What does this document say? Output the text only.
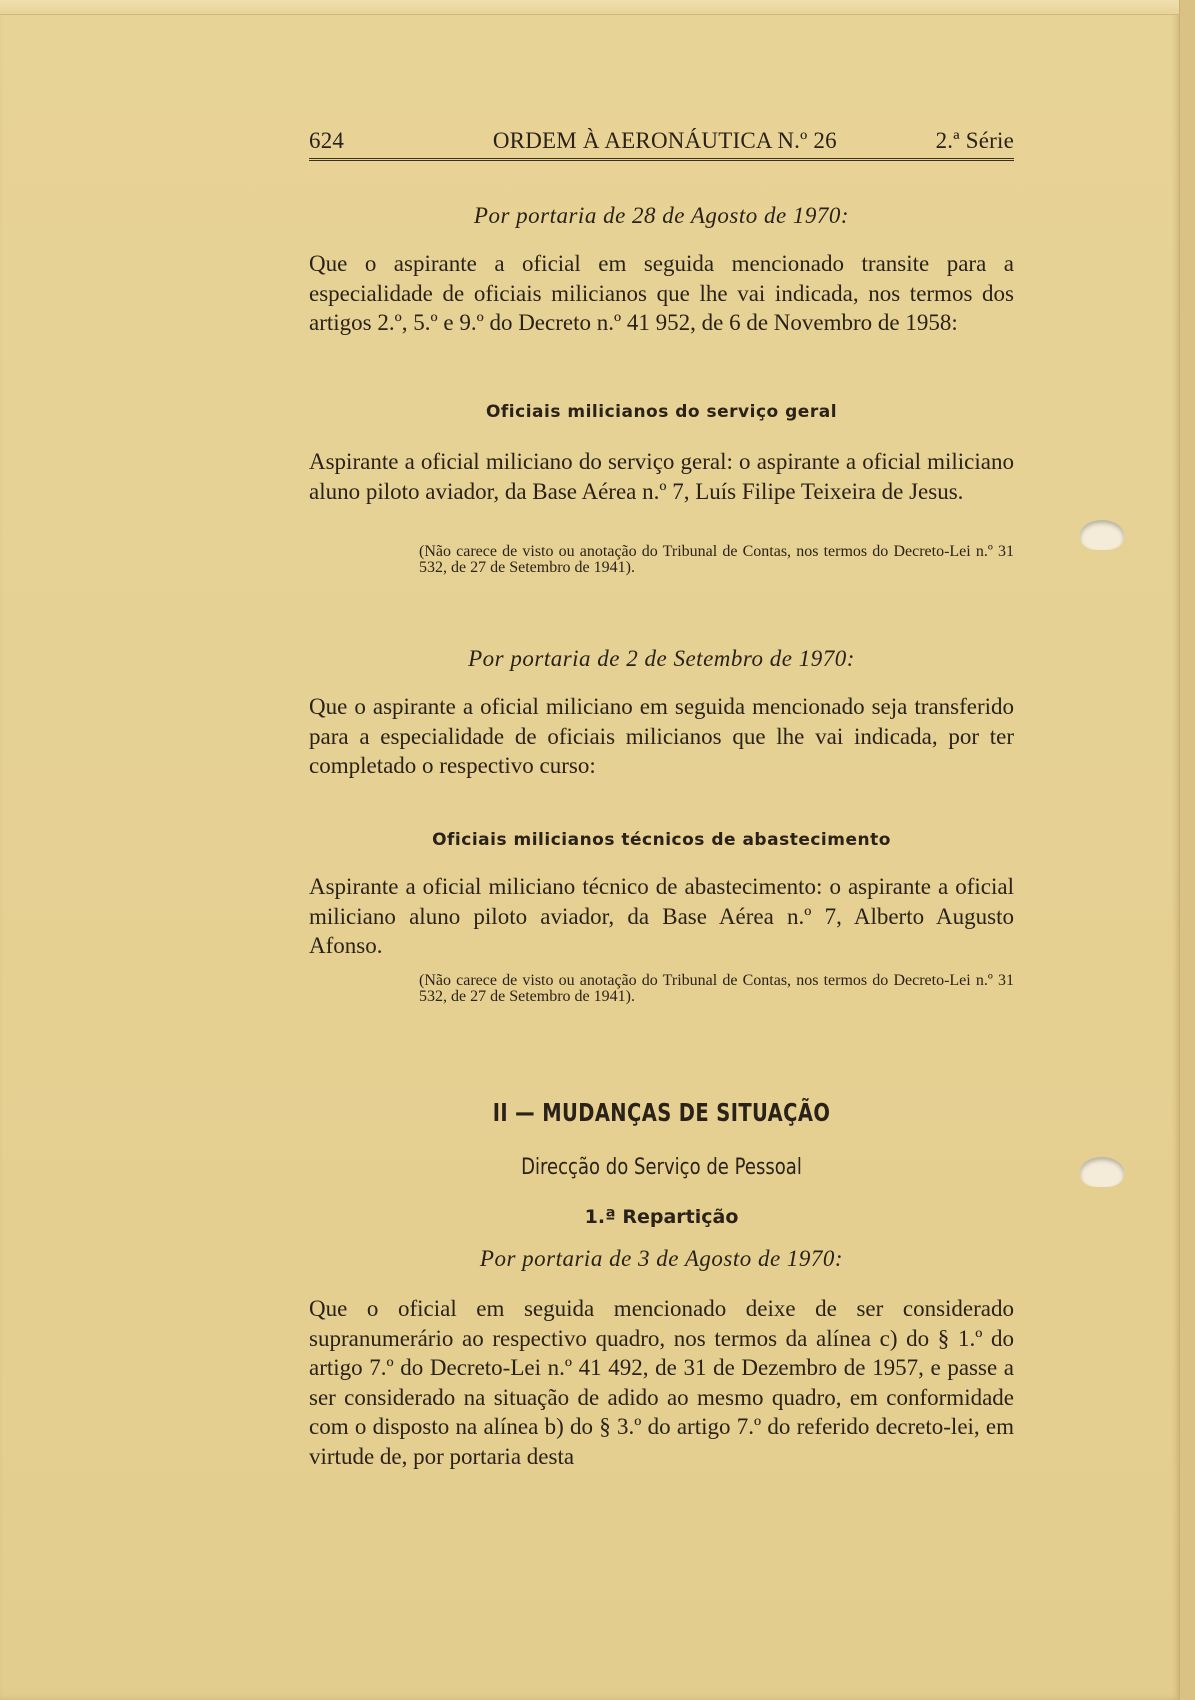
624	ORDEM À AERONÁUTICA N.º 26	2.ª Série

Por portaria de 28 de Agosto de 1970:

Que o aspirante a oficial em seguida mencionado transite para a especialidade de oficiais milicianos que lhe vai indicada, nos termos dos artigos 2.º, 5.º e 9.º do Decreto n.º 41 952, de 6 de Novembro de 1958:

Oficiais milicianos do serviço geral

Aspirante a oficial miliciano do serviço geral: o aspirante a oficial miliciano aluno piloto aviador, da Base Aérea n.º 7, Luís Filipe Teixeira de Jesus.

(Não carece de visto ou anotação do Tribunal de Contas, nos termos do Decreto-Lei n.º 31 532, de 27 de Setembro de 1941).

Por portaria de 2 de Setembro de 1970:

Que o aspirante a oficial miliciano em seguida mencionado seja transferido para a especialidade de oficiais milicianos que lhe vai indicada, por ter completado o respectivo curso:

Oficiais milicianos técnicos de abastecimento

Aspirante a oficial miliciano técnico de abastecimento: o aspirante a oficial miliciano aluno piloto aviador, da Base Aérea n.º 7, Alberto Augusto Afonso.

(Não carece de visto ou anotação do Tribunal de Contas, nos termos do Decreto-Lei n.º 31 532, de 27 de Setembro de 1941).

II — MUDANÇAS DE SITUAÇÃO

Direcção do Serviço de Pessoal

1.ª Repartição

Por portaria de 3 de Agosto de 1970:

Que o oficial em seguida mencionado deixe de ser considerado supranumerário ao respectivo quadro, nos termos da alínea c) do § 1.º do artigo 7.º do Decreto-Lei n.º 41 492, de 31 de Dezembro de 1957, e passe a ser considerado na situação de adido ao mesmo quadro, em conformidade com o disposto na alínea b) do § 3.º do artigo 7.º do referido decreto-lei, em virtude de, por portaria desta
